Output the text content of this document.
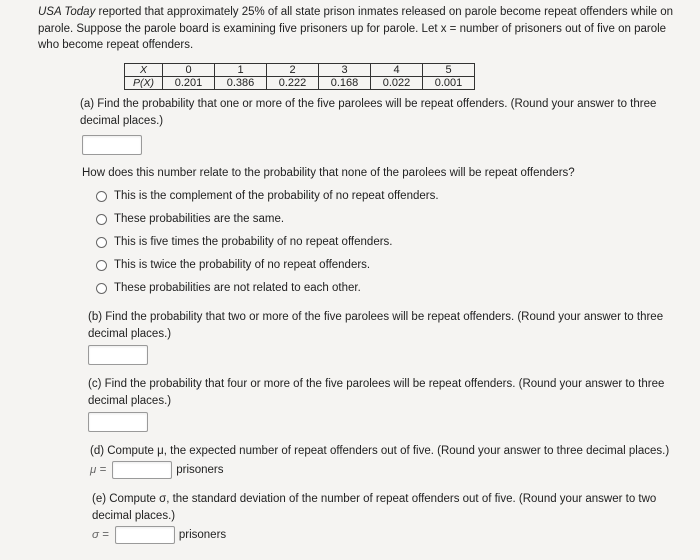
USA Today reported that approximately 25% of all state prison inmates released on parole become repeat offenders while on parole. Suppose the parole board is examining five prisoners up for parole. Let x = number of prisoners out of five on parole who become repeat offenders.
X	0	1	2	3	4	5
P(X)	0.201	0.386	0.222	0.168	0.022	0.001
(a) Find the probability that one or more of the five parolees will be repeat offenders. (Round your answer to three decimal places.)
How does this number relate to the probability that none of the parolees will be repeat offenders?
This is the complement of the probability of no repeat offenders.
These probabilities are the same.
This is five times the probability of no repeat offenders.
This is twice the probability of no repeat offenders.
These probabilities are not related to each other.
(b) Find the probability that two or more of the five parolees will be repeat offenders. (Round your answer to three decimal places.)
(c) Find the probability that four or more of the five parolees will be repeat offenders. (Round your answer to three decimal places.)
(d) Compute μ, the expected number of repeat offenders out of five. (Round your answer to three decimal places.)
μ =	prisoners
(e) Compute σ, the standard deviation of the number of repeat offenders out of five. (Round your answer to two decimal places.)
σ =	prisoners
